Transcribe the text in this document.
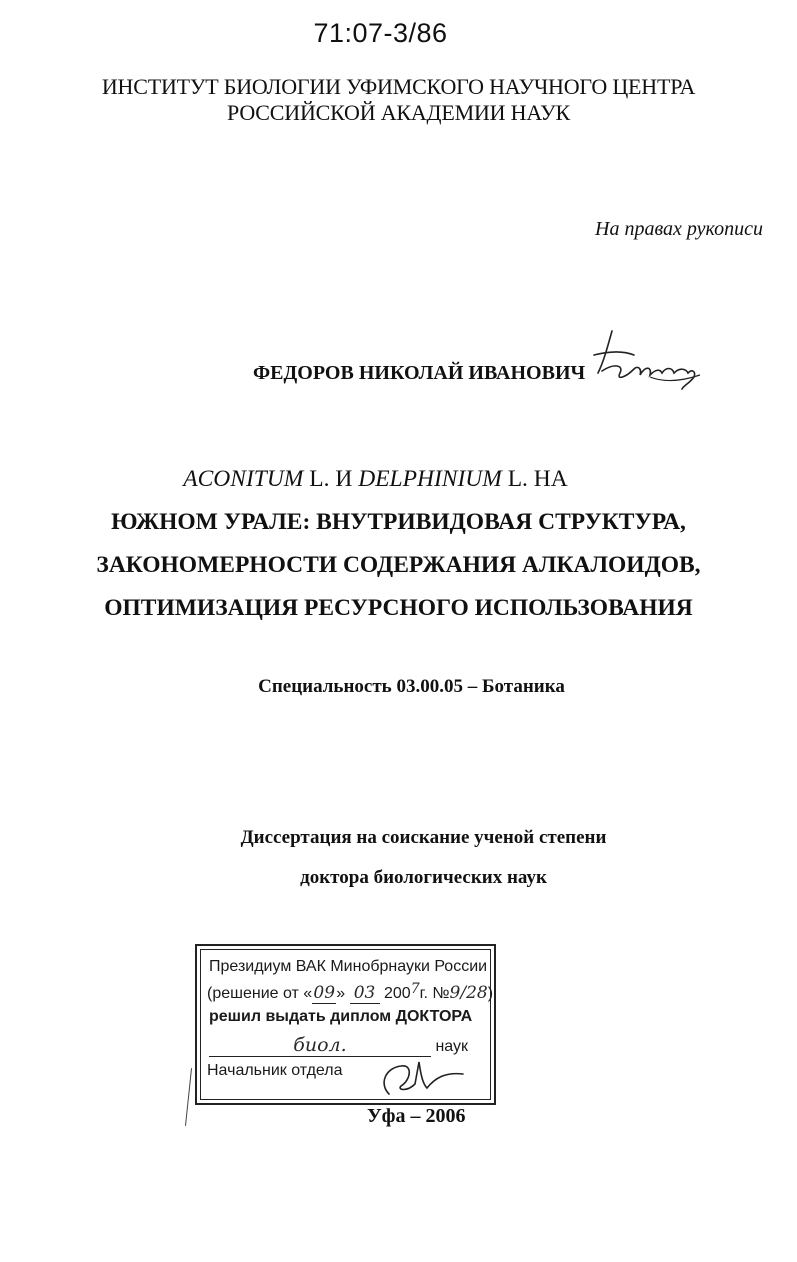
71:07-3/86
ИНСТИТУТ БИОЛОГИИ УФИМСКОГО НАУЧНОГО ЦЕНТРА
РОССИЙСКОЙ АКАДЕМИИ НАУК
На правах рукописи
ФЕДОРОВ НИКОЛАЙ ИВАНОВИЧ
ACONITUM L. И DELPHINIUM L. НА
ЮЖНОМ УРАЛЕ: ВНУТРИВИДОВАЯ СТРУКТУРА,
ЗАКОНОМЕРНОСТИ СОДЕРЖАНИЯ АЛКАЛОИДОВ,
ОПТИМИЗАЦИЯ РЕСУРСНОГО ИСПОЛЬЗОВАНИЯ
Специальность 03.00.05 – Ботаника
Диссертация на соискание ученой степени
доктора биологических наук
Президиум ВАК Минобрнауки России
(решение от «09» 03 2007г. №9/28)
решил выдать диплом ДОКТОРА
биол.	наук
Начальник отдела
Уфа – 2006
